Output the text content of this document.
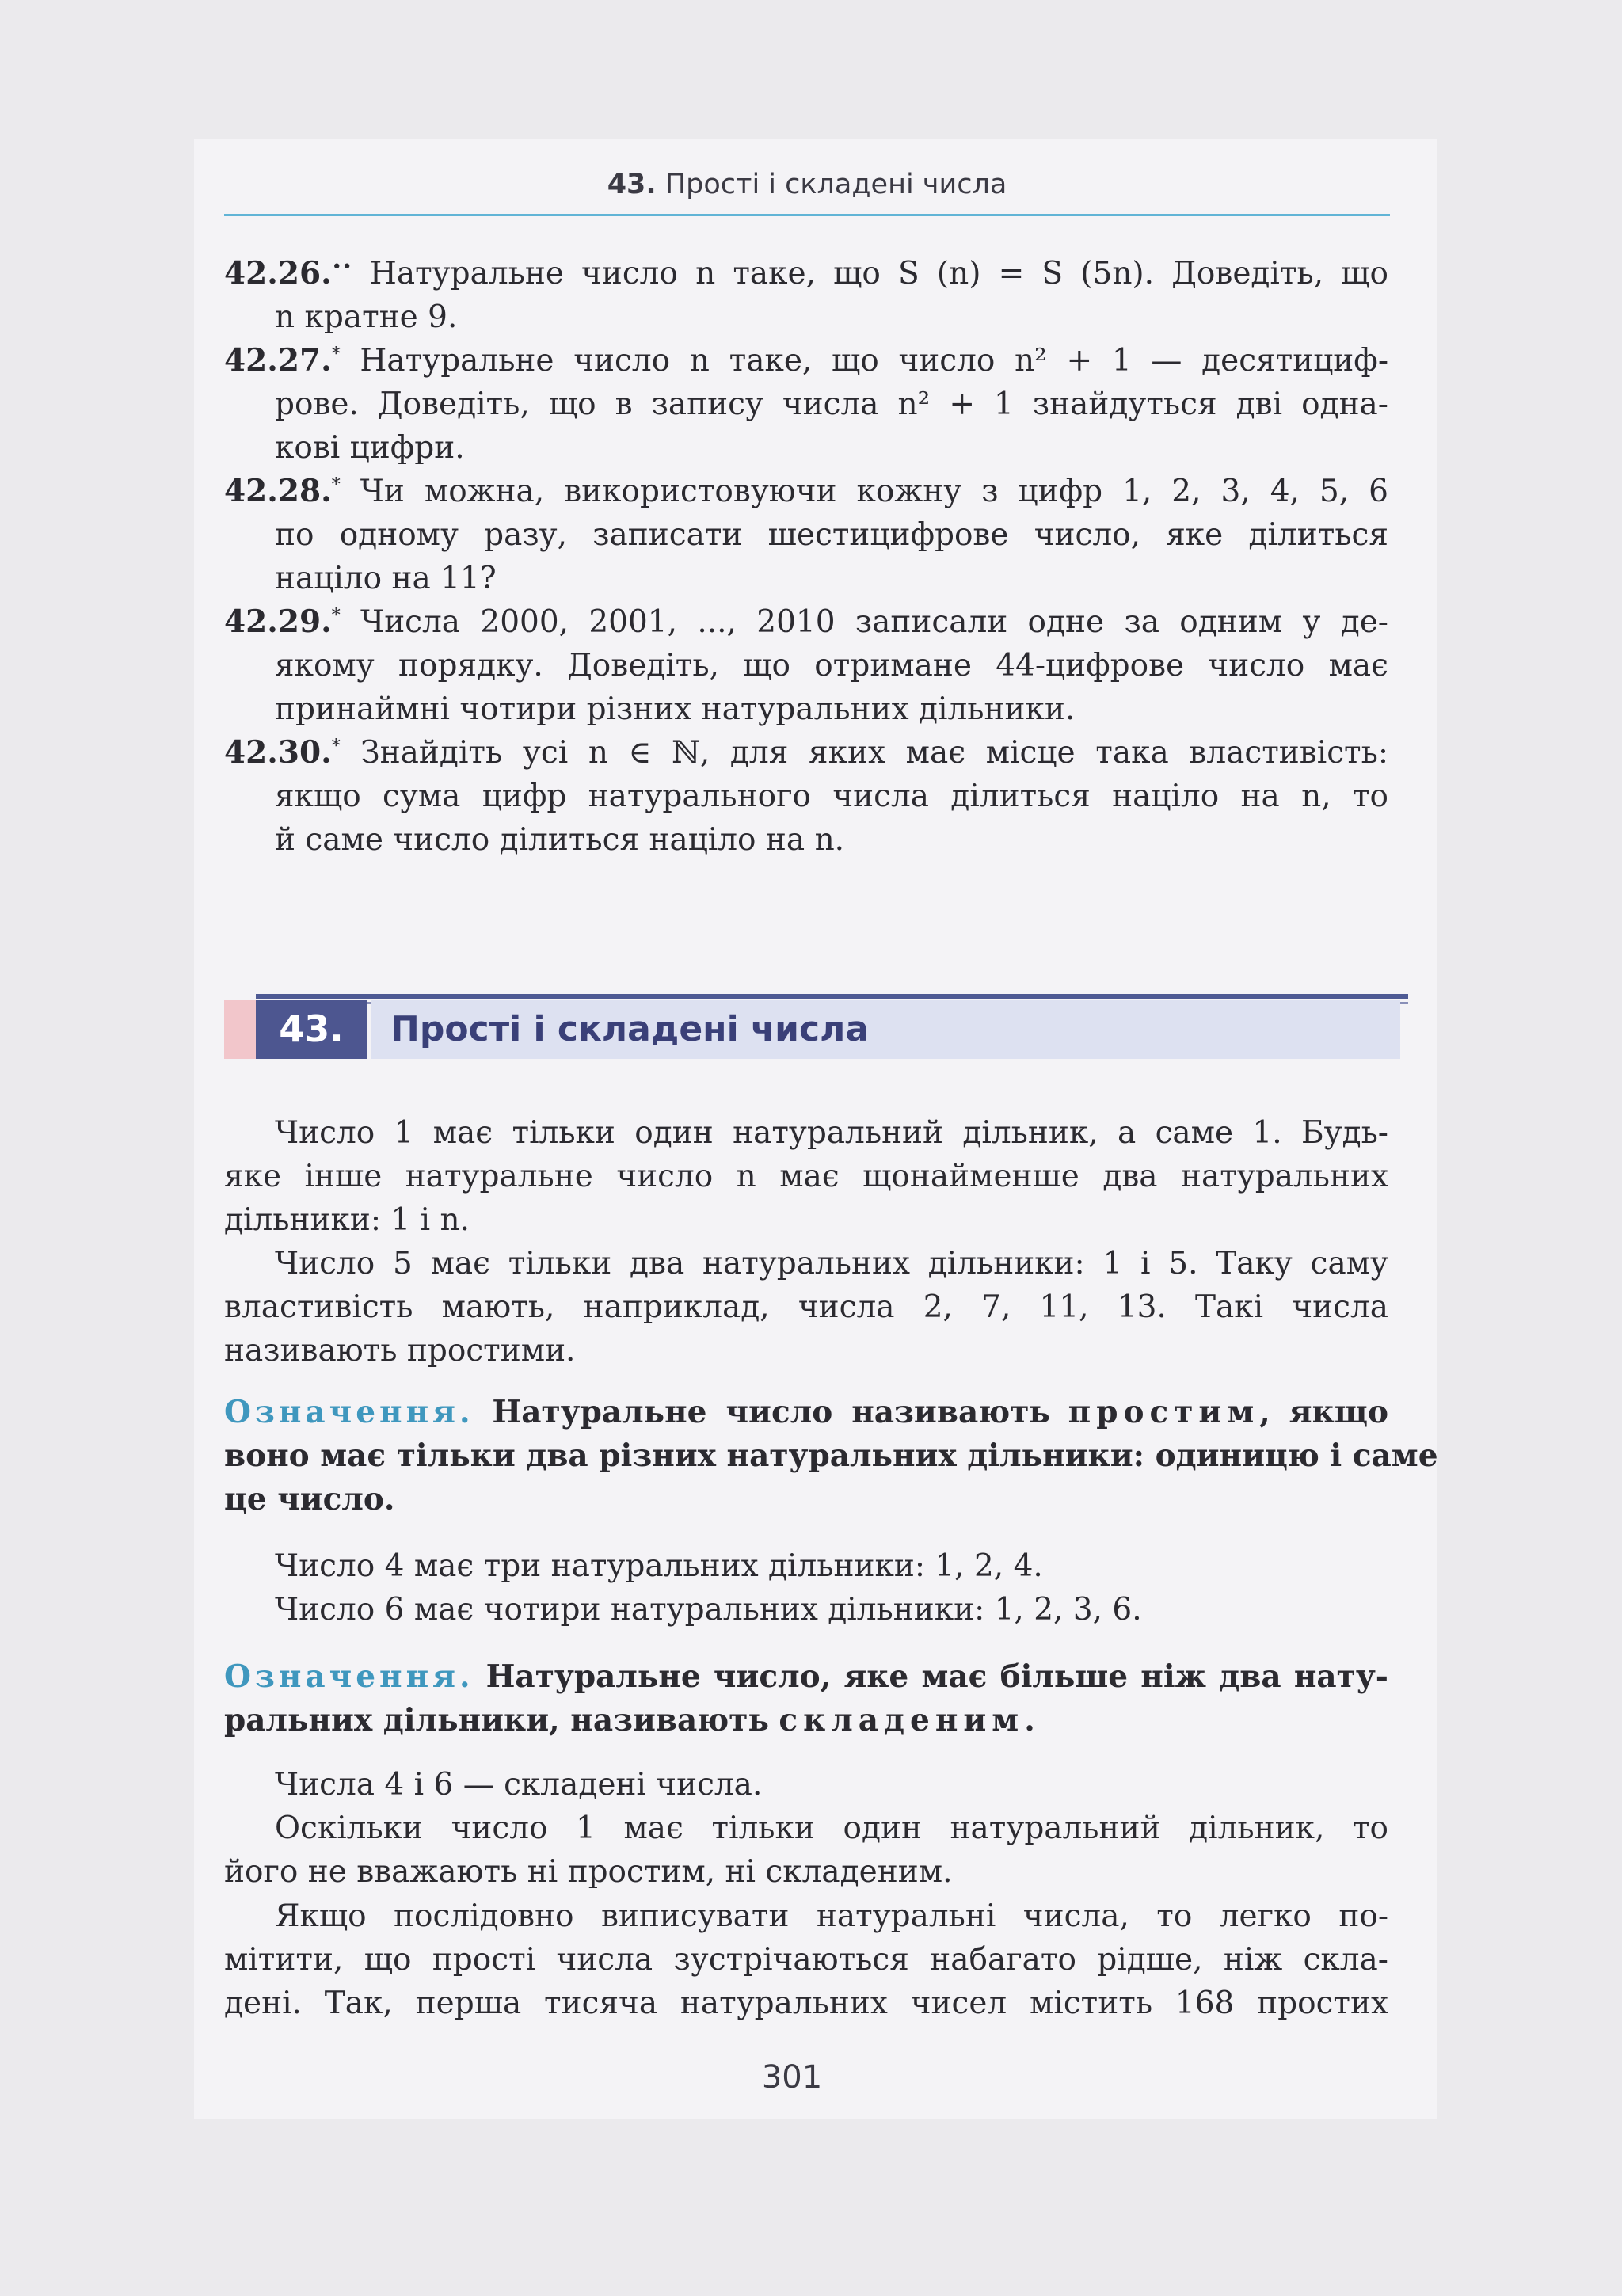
43. Прості і складені числа
42.26.•• Натуральне число n таке, що S (n) = S (5n). Доведіть, що
n кратне 9.
42.27.* Натуральне число n таке, що число n² + 1 — десятициф-
рове. Доведіть, що в запису числа n² + 1 знайдуться дві одна-
кові цифри.
42.28.* Чи можна, використовуючи кожну з цифр 1, 2, 3, 4, 5, 6
по одному разу, записати шестицифрове число, яке ділиться
націло на 11?
42.29.* Числа 2000, 2001, ..., 2010 записали одне за одним у де-
якому порядку. Доведіть, що отримане 44-цифрове число має
принаймні чотири різних натуральних дільники.
42.30.* Знайдіть усі n ∈ ℕ, для яких має місце така властивість:
якщо сума цифр натурального числа ділиться націло на n, то
й саме число ділиться націло на n.
43.	Прості і складені числа
Число 1 має тільки один натуральний дільник, а саме 1. Будь-
яке інше натуральне число n має щонайменше два натуральних
дільники: 1 і n.
Число 5 має тільки два натуральних дільники: 1 і 5. Таку саму
властивість мають, наприклад, числа 2, 7, 11, 13. Такі числа
називають простими.
Означення. Натуральне число називають простим, якщо
воно має тільки два різних натуральних дільники: одиницю і саме
це число.
Число 4 має три натуральних дільники: 1, 2, 4.
Число 6 має чотири натуральних дільники: 1, 2, 3, 6.
Означення. Натуральне число, яке має більше ніж два нату-
ральних дільники, називають складеним.
Числа 4 і 6 — складені числа.
Оскільки число 1 має тільки один натуральний дільник, то
його не вважають ні простим, ні складеним.
Якщо послідовно виписувати натуральні числа, то легко по-
мітити, що прості числа зустрічаються набагато рідше, ніж скла-
дені. Так, перша тисяча натуральних чисел містить 168 простих
301
